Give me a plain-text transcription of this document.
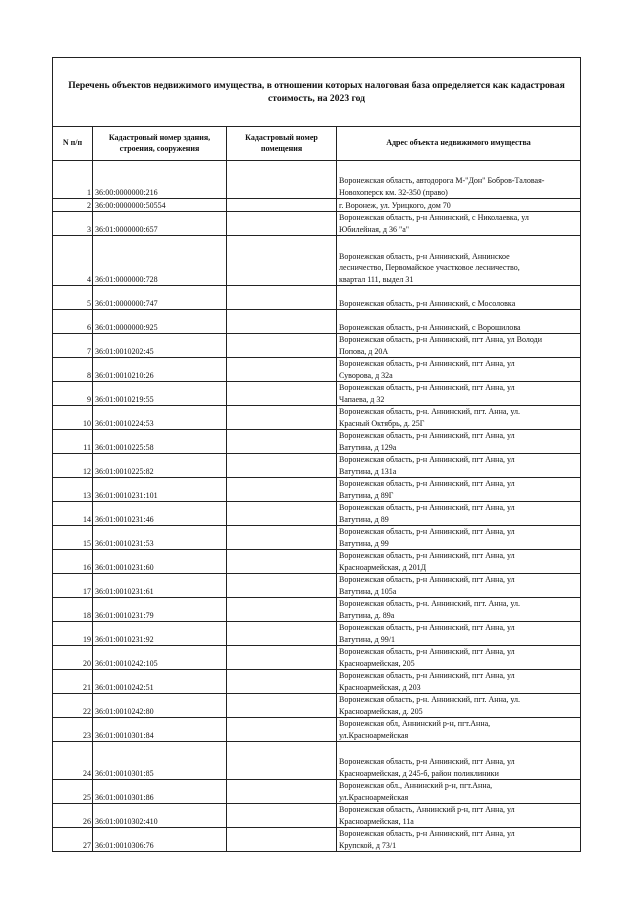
Перечень объектов недвижимого имущества, в отношении которых налоговая база определяется как кадастровая стоимость, на 2023 год			
N п/п	Кадастровый номер здания, строения, сооружения	Кадастровый номер помещения	Адрес объекта недвижимого имущества
1	36:00:0000000:216		Воронежская область, автодорога М-"Дон" Бобров-Таловая-
Новохоперск км. 32-350 (право)

2	36:00:0000000:50554		г. Воронеж, ул. Урицкого, дом 70

3	36:01:0000000:657		Воронежская область, р-н Аннинский, с Николаевка, ул
Юбилейная, д 36 "а"

4	36:01:0000000:728		Воронежская область, р-н Аннинский, Аннинское
лесничество, Первомайское участковое лесничество,
квартал 111, выдел 31

5	36:01:0000000:747		Воронежская область, р-н Аннинский, с Мосоловка

6	36:01:0000000:925		Воронежская область, р-н Аннинский, с Ворошилова

7	36:01:0010202:45		Воронежская область, р-н Аннинский, пгт Анна, ул Володи
Попова, д 20А

8	36:01:0010210:26		Воронежская область, р-н Аннинский, пгт Анна, ул
Суворова, д 32а

9	36:01:0010219:55		Воронежская область, р-н Аннинский, пгт Анна, ул
Чапаева, д 32

10	36:01:0010224:53		Воронежская область, р-н. Аннинский, пгт. Анна, ул.
Красный Октябрь, д. 25Г

11	36:01:0010225:58		Воронежская область, р-н Аннинский, пгт Анна, ул
Ватутина, д 129а

12	36:01:0010225:82		Воронежская область, р-н Аннинский, пгт Анна, ул
Ватутина, д 131а

13	36:01:0010231:101		Воронежская область, р-н Аннинский, пгт Анна, ул
Ватутина, д 89Г

14	36:01:0010231:46		Воронежская область, р-н Аннинский, пгт Анна, ул
Ватутина, д 89

15	36:01:0010231:53		Воронежская область, р-н Аннинский, пгт Анна, ул
Ватутина, д 99

16	36:01:0010231:60		Воронежская область, р-н Аннинский, пгт Анна, ул
Красноармейская, д 201Д

17	36:01:0010231:61		Воронежская область, р-н Аннинский, пгт Анна, ул
Ватутина, д 105а

18	36:01:0010231:79		Воронежская область, р-н. Аннинский, пгт. Анна, ул.
Ватутина, д. 89а

19	36:01:0010231:92		Воронежская область, р-н Аннинский, пгт Анна, ул
Ватутина, д 99/1

20	36:01:0010242:105		Воронежская область, р-н Аннинский, пгт Анна, ул
Красноармейская, 205

21	36:01:0010242:51		Воронежская область, р-н Аннинский, пгт Анна, ул
Красноармейская, д 203

22	36:01:0010242:80		Воронежская область, р-н. Аннинский, пгт. Анна, ул.
Красноармейская, д. 205

23	36:01:0010301:84		Воронежская обл, Аннинский р-н, пгт.Анна,
ул.Красноармейская

24	36:01:0010301:85		Воронежская область, р-н Аннинский, пгт Анна, ул
Красноармейская, д 245-б, район поликлиники

25	36:01:0010301:86		Воронежская обл., Аннинский р-н, пгт.Анна,
ул.Красноармейская

26	36:01:0010302:410		Воронежская область, Аннинский р-н, пгт Анна, ул
Красноармейская, 11а

27	36:01:0010306:76		Воронежская область, р-н Аннинский, пгт Анна, ул
Крупской, д 73/1
